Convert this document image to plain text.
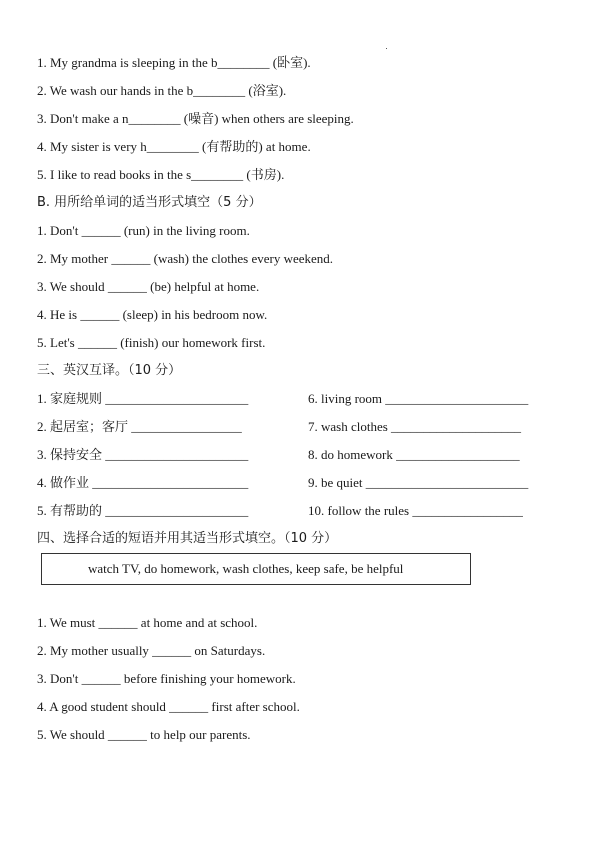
1. My grandma is sleeping in the b________ (卧室).
2. We wash our hands in the b________ (浴室).
3. Don't make a n________ (噪音) when others are sleeping.
4. My sister is very h________ (有帮助的) at home.
5. I like to read books in the s________ (书房).
B. 用所给单词的适当形式填空（5 分）
1. Don't ______ (run) in the living room.
2. My mother ______ (wash) the clothes every weekend.
3. We should ______ (be) helpful at home.
4. He is ______ (sleep) in his bedroom now.
5. Let's ______ (finish) our homework first.
三、英汉互译。（10 分）
1. 家庭规则 ______________________
2. 起居室；客厅 _________________
3. 保持安全 ______________________
4. 做作业 ________________________
5. 有帮助的 ______________________
6. living room ______________________
7. wash clothes ____________________
8. do homework ___________________
9. be quiet _________________________
10. follow the rules _________________
四、选择合适的短语并用其适当形式填空。（10 分）
watch TV, do homework, wash clothes, keep safe, be helpful
1. We must ______ at home and at school.
2. My mother usually ______ on Saturdays.
3. Don't ______ before finishing your homework.
4. A good student should ______ first after school.
5. We should ______ to help our parents.
